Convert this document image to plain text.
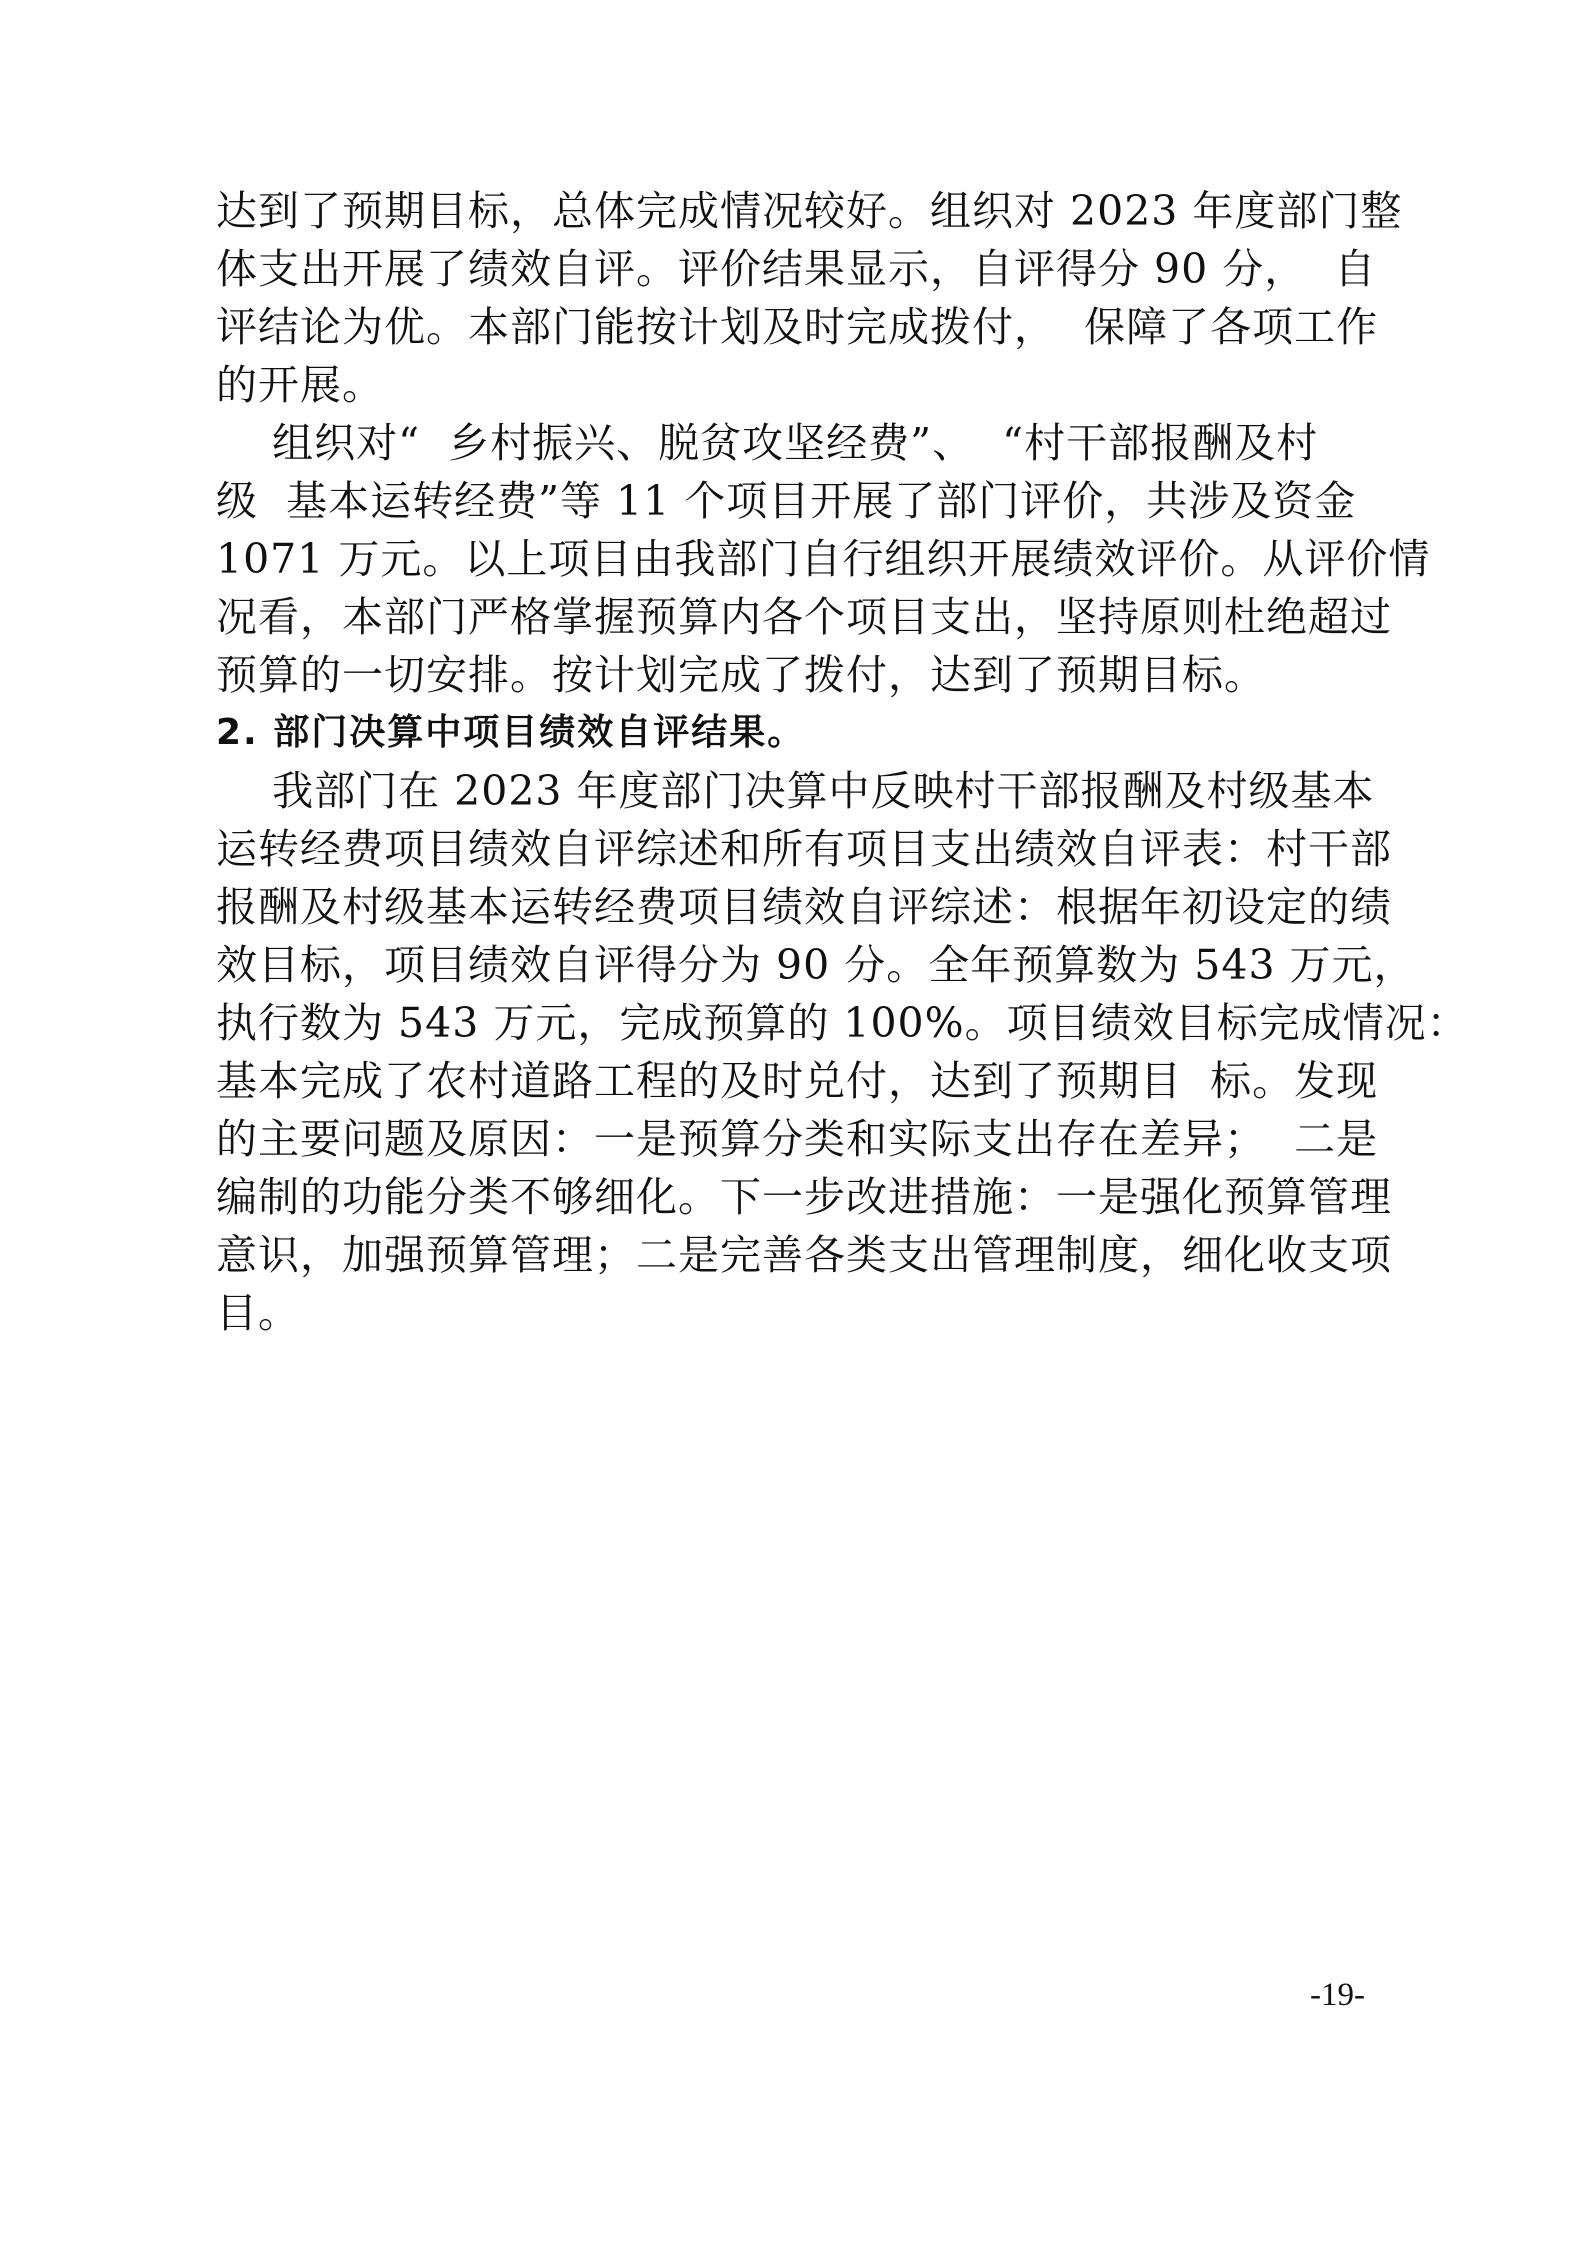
达到了预期目标，总体完成情况较好。组织对 2023 年度部门整
体支出开展了绩效自评。评价结果显示，自评得分 90 分，  自
评结论为优。本部门能按计划及时完成拨付，  保障了各项工作
的开展。
组织对“  乡村振兴、脱贫攻坚经费”、  “村干部报酬及村
级  基本运转经费”等 11 个项目开展了部门评价，共涉及资金
1071 万元。以上项目由我部门自行组织开展绩效评价。从评价情
况看，本部门严格掌握预算内各个项目支出，坚持原则杜绝超过
预算的一切安排。按计划完成了拨付，达到了预期目标。
2. 部门决算中项目绩效自评结果。
我部门在 2023 年度部门决算中反映村干部报酬及村级基本
运转经费项目绩效自评综述和所有项目支出绩效自评表：村干部
报酬及村级基本运转经费项目绩效自评综述：根据年初设定的绩
效目标，项目绩效自评得分为 90 分。全年预算数为 543 万元，
执行数为 543 万元，完成预算的 100%。项目绩效目标完成情况：
基本完成了农村道路工程的及时兑付，达到了预期目  标。发现
的主要问题及原因：一是预算分类和实际支出存在差异；  二是
编制的功能分类不够细化。下一步改进措施：一是强化预算管理
意识，加强预算管理；二是完善各类支出管理制度，细化收支项
目。
-19-
